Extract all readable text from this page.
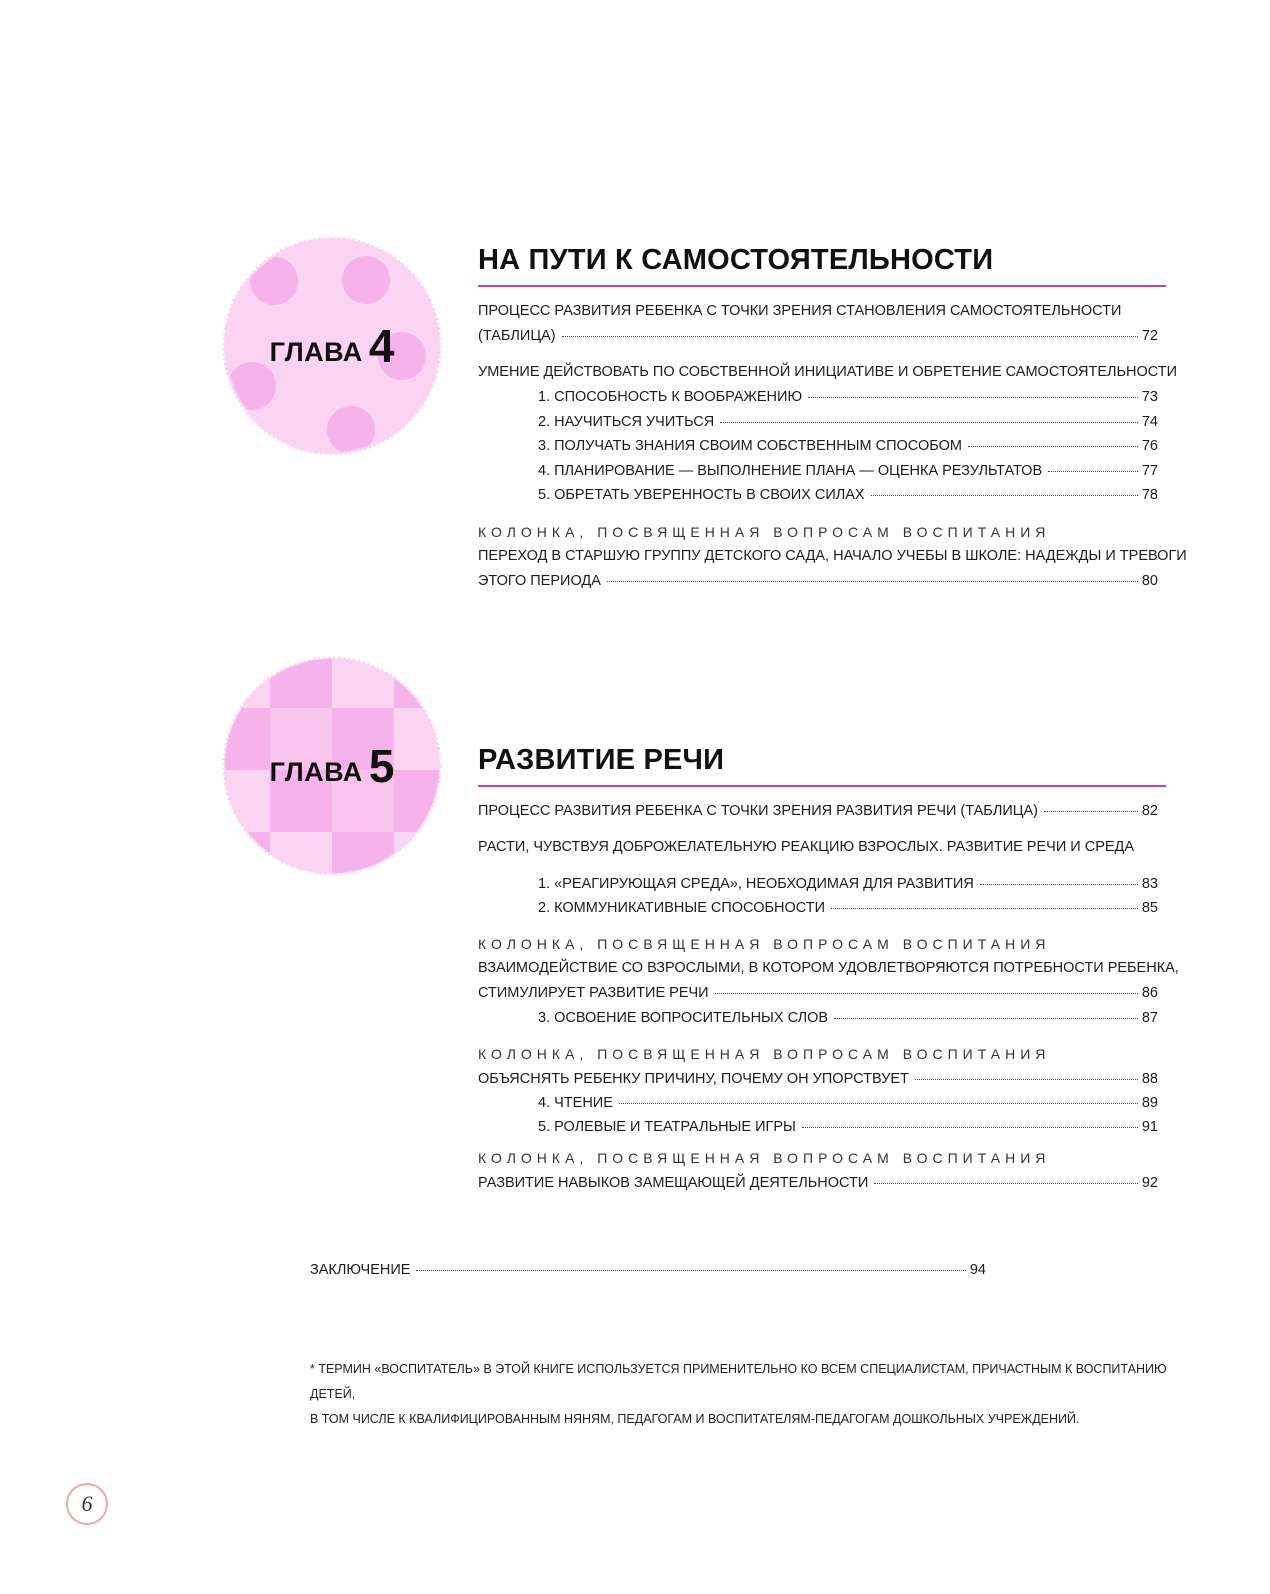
ГЛАВА 4
НА ПУТИ К САМОСТОЯТЕЛЬНОСТИ
ПРОЦЕСС РАЗВИТИЯ РЕБЕНКА С ТОЧКИ ЗРЕНИЯ СТАНОВЛЕНИЯ САМОСТОЯТЕЛЬНОСТИ
(ТАБЛИЦА)	72
УМЕНИЕ ДЕЙСТВОВАТЬ ПО СОБСТВЕННОЙ ИНИЦИАТИВЕ И ОБРЕТЕНИЕ САМОСТОЯТЕЛЬНОСТИ
1. СПОСОБНОСТЬ К ВООБРАЖЕНИЮ	73
2. НАУЧИТЬСЯ УЧИТЬСЯ	74
3. ПОЛУЧАТЬ ЗНАНИЯ СВОИМ СОБСТВЕННЫМ СПОСОБОМ	76
4. ПЛАНИРОВАНИЕ — ВЫПОЛНЕНИЕ ПЛАНА — ОЦЕНКА РЕЗУЛЬТАТОВ	77
5. ОБРЕТАТЬ УВЕРЕННОСТЬ В СВОИХ СИЛАХ	78
КОЛОНКА, ПОСВЯЩЕННАЯ ВОПРОСАМ ВОСПИТАНИЯ
ПЕРЕХОД В СТАРШУЮ ГРУППУ ДЕТСКОГО САДА, НАЧАЛО УЧЕБЫ В ШКОЛЕ: НАДЕЖДЫ И ТРЕВОГИ
ЭТОГО ПЕРИОДА	80
ГЛАВА 5	РАЗВИТИЕ РЕЧИ
ПРОЦЕСС РАЗВИТИЯ РЕБЕНКА С ТОЧКИ ЗРЕНИЯ РАЗВИТИЯ РЕЧИ (ТАБЛИЦА)	82
РАСТИ, ЧУВСТВУЯ ДОБРОЖЕЛАТЕЛЬНУЮ РЕАКЦИЮ ВЗРОСЛЫХ. РАЗВИТИЕ РЕЧИ И СРЕДА
1. «РЕАГИРУЮЩАЯ СРЕДА», НЕОБХОДИМАЯ ДЛЯ РАЗВИТИЯ	83
2. КОММУНИКАТИВНЫЕ СПОСОБНОСТИ	85
КОЛОНКА, ПОСВЯЩЕННАЯ ВОПРОСАМ ВОСПИТАНИЯ
ВЗАИМОДЕЙСТВИЕ СО ВЗРОСЛЫМИ, В КОТОРОМ УДОВЛЕТВОРЯЮТСЯ ПОТРЕБНОСТИ РЕБЕНКА,
СТИМУЛИРУЕТ РАЗВИТИЕ РЕЧИ	86
3. ОСВОЕНИЕ ВОПРОСИТЕЛЬНЫХ СЛОВ	87
КОЛОНКА, ПОСВЯЩЕННАЯ ВОПРОСАМ ВОСПИТАНИЯ
ОБЪЯСНЯТЬ РЕБЕНКУ ПРИЧИНУ, ПОЧЕМУ ОН УПОРСТВУЕТ	88
4. ЧТЕНИЕ	89
5. РОЛЕВЫЕ И ТЕАТРАЛЬНЫЕ ИГРЫ	91
КОЛОНКА, ПОСВЯЩЕННАЯ ВОПРОСАМ ВОСПИТАНИЯ
РАЗВИТИЕ НАВЫКОВ ЗАМЕЩАЮЩЕЙ ДЕЯТЕЛЬНОСТИ	92
ЗАКЛЮЧЕНИЕ	94
* ТЕРМИН «ВОСПИТАТЕЛЬ» В ЭТОЙ КНИГЕ ИСПОЛЬЗУЕТСЯ ПРИМЕНИТЕЛЬНО КО ВСЕМ СПЕЦИАЛИСТАМ, ПРИЧАСТНЫМ К ВОСПИТАНИЮ ДЕТЕЙ,
В ТОМ ЧИСЛЕ К КВАЛИФИЦИРОВАННЫМ НЯНЯМ, ПЕДАГОГАМ И ВОСПИТАТЕЛЯМ-ПЕДАГОГАМ ДОШКОЛЬНЫХ УЧРЕЖДЕНИЙ.
6
